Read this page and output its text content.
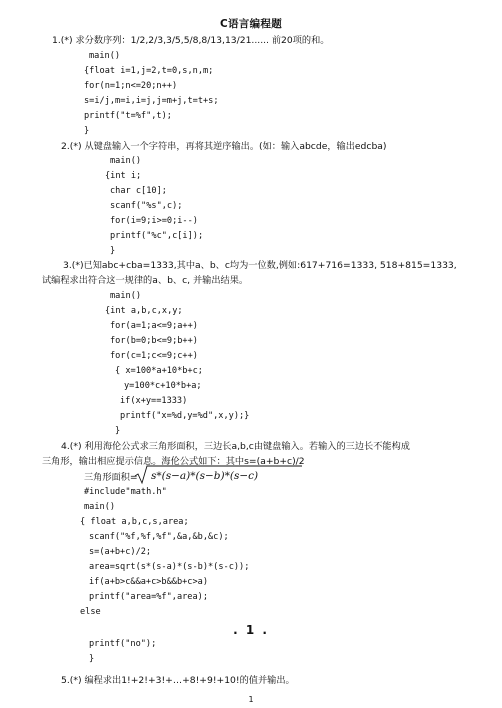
C语言编程题
1.(*) 求分数序列：1/2,2/3,3/5,5/8,8/13,13/21...... 前20项的和。
main()
{float i=1,j=2,t=0,s,n,m;
for(n=1;n<=20;n++)
s=i/j,m=i,i=j,j=m+j,t=t+s;
printf("t=%f",t);
}
2.(*) 从键盘输入一个字符串，再将其逆序输出。(如：输入abcde，输出edcba)
main()
{int i;
char c[10];
scanf("%s",c);
for(i=9;i>=0;i--)
printf("%c",c[i]);
}
3.(*)已知abc+cba=1333,其中a、b、c均为一位数,例如:617+716=1333, 518+815=1333,
试编程求出符合这一规律的a、b、c, 并输出结果。
main()
{int a,b,c,x,y;
for(a=1;a<=9;a++)
for(b=0;b<=9;b++)
for(c=1;c<=9;c++)
{ x=100*a+10*b+c;
y=100*c+10*b+a;
if(x+y==1333)
printf("x=%d,y=%d",x,y);}
}
4.(*) 利用海伦公式求三角形面积，三边长a,b,c由键盘输入。若输入的三边长不能构成
三角形，输出相应提示信息。海伦公式如下：其中s=(a+b+c)/2
三角形面积= s*(s−a)*(s−b)*(s−c)
#include"math.h"
main()
{ float a,b,c,s,area;
scanf("%f,%f,%f",&a,&b,&c);
s=(a+b+c)/2;
area=sqrt(s*(s-a)*(s-b)*(s-c));
if(a+b>c&&a+c>b&&b+c>a)
printf("area=%f",area);
else
. 1 .
printf("no");
}
5.(*) 编程求出1!+2!+3!+…+8!+9!+10!的值并输出。
1
